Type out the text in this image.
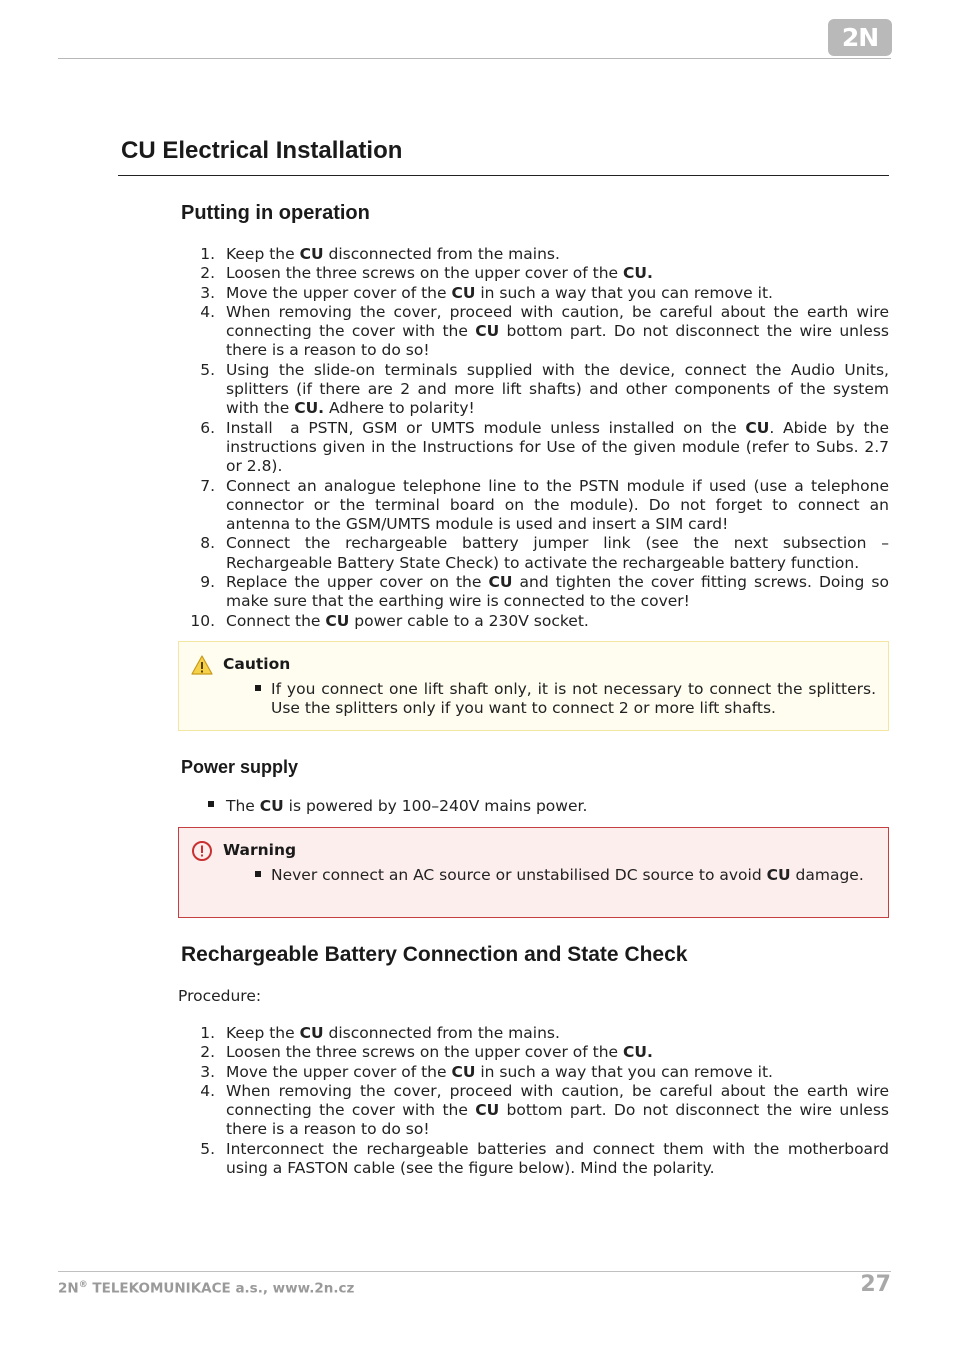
2N
CU Electrical Installation
Putting in operation
1. Keep the CU disconnected from the mains.
2. Loosen the three screws on the upper cover of the CU.
3. Move the upper cover of the CU in such a way that you can remove it.
4. When removing the cover, proceed with caution, be careful about the earth wire connecting the cover with the CU bottom part. Do not disconnect the wire unless there is a reason to do so!
5. Using the slide-on terminals supplied with the device, connect the Audio Units, splitters (if there are 2 and more lift shafts) and other components of the system with the CU. Adhere to polarity!
6. Install  a PSTN, GSM or UMTS module unless installed on the CU. Abide by the instructions given in the Instructions for Use of the given module (refer to Subs. 2.7 or 2.8).
7. Connect an analogue telephone line to the PSTN module if used (use a telephone connector or the terminal board on the module). Do not forget to connect an antenna to the GSM/UMTS module is used and insert a SIM card!
8. Connect the rechargeable battery jumper link (see the next subsection – Rechargeable Battery State Check) to activate the rechargeable battery function.
9. Replace the upper cover on the CU and tighten the cover fitting screws. Doing so make sure that the earthing wire is connected to the cover!
10. Connect the CU power cable to a 230V socket.
Caution
If you connect one lift shaft only, it is not necessary to connect the splitters. Use the splitters only if you want to connect 2 or more lift shafts.
Power supply
The CU is powered by 100–240V mains power.
Warning
Never connect an AC source or unstabilised DC source to avoid CU damage.
Rechargeable Battery Connection and State Check
Procedure:
1. Keep the CU disconnected from the mains.
2. Loosen the three screws on the upper cover of the CU.
3. Move the upper cover of the CU in such a way that you can remove it.
4. When removing the cover, proceed with caution, be careful about the earth wire connecting the cover with the CU bottom part. Do not disconnect the wire unless there is a reason to do so!
5. Interconnect the rechargeable batteries and connect them with the motherboard using a FASTON cable (see the figure below). Mind the polarity.
2N® TELEKOMUNIKACE a.s., www.2n.cz	27
